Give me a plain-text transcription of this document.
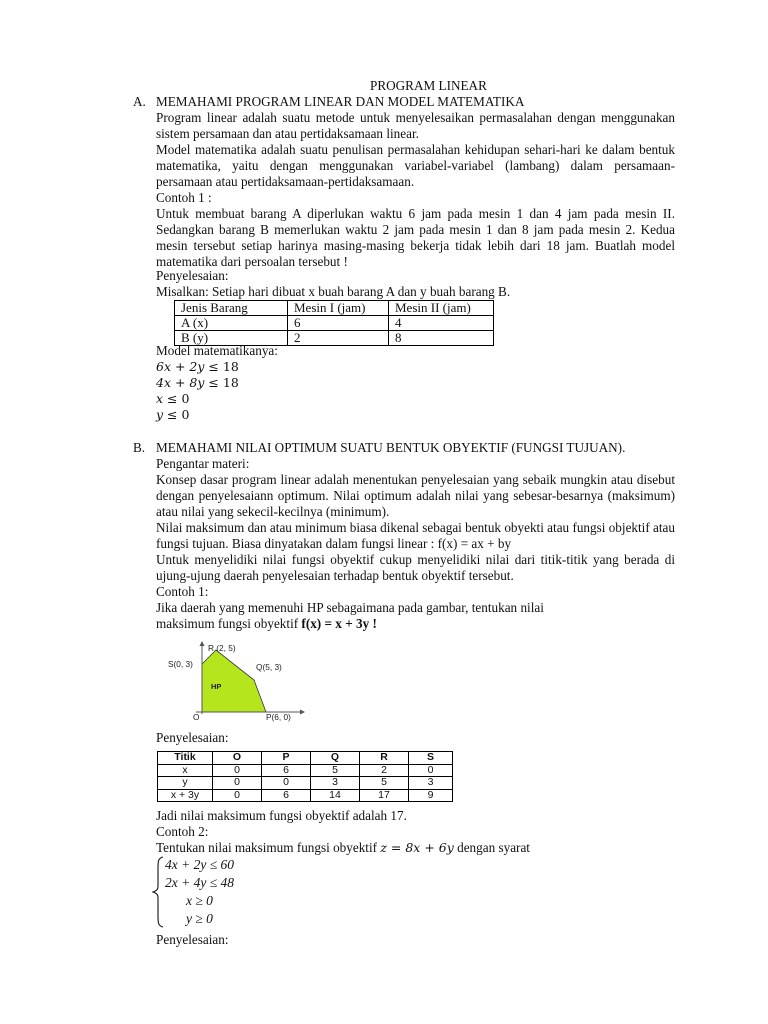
PROGRAM LINEAR
A. MEMAHAMI PROGRAM LINEAR DAN MODEL MATEMATIKA
Program linear adalah suatu metode untuk menyelesaikan permasalahan dengan menggunakan sistem persamaan dan atau pertidaksamaan linear.
Model matematika adalah suatu penulisan permasalahan kehidupan sehari-hari ke dalam bentuk matematika, yaitu dengan menggunakan variabel-variabel (lambang) dalam persamaan-persamaan atau pertidaksamaan-pertidaksamaan.
Contoh 1 :
Untuk membuat barang A diperlukan waktu 6 jam pada mesin 1 dan 4 jam pada mesin II. Sedangkan barang B memerlukan waktu 2 jam pada mesin 1 dan 8 jam pada mesin 2. Kedua mesin tersebut setiap harinya masing-masing bekerja tidak lebih dari 18 jam. Buatlah model matematika dari persoalan tersebut !
Penyelesaian:
Misalkan: Setiap hari dibuat x buah barang A dan y buah barang B.
Jenis Barang	Mesin I (jam)	Mesin II (jam)
A (x)	6	4
B (y)	2	8
Model matematikanya:
6x + 2y ≤ 18
4x + 8y ≤ 18
x ≤ 0
y ≤ 0
B. MEMAHAMI NILAI OPTIMUM SUATU BENTUK OBYEKTIF (FUNGSI TUJUAN).
Pengantar materi:
Konsep dasar program linear adalah menentukan penyelesaian yang sebaik mungkin atau disebut dengan penyelesaiann optimum. Nilai optimum adalah nilai yang sebesar-besarnya (maksimum) atau nilai yang sekecil-kecilnya (minimum).
Nilai maksimum dan atau minimum biasa dikenal sebagai bentuk obyekti atau fungsi objektif atau fungsi tujuan. Biasa dinyatakan dalam fungsi linear : f(x) = ax + by
Untuk menyelidiki nilai fungsi obyektif cukup menyelidiki nilai dari titik-titik yang berada di ujung-ujung daerah penyelesaian terhadap bentuk obyektif tersebut.
Contoh 1:
Jika daerah yang memenuhi HP sebagaimana pada gambar, tentukan nilai
maksimum fungsi obyektif f(x) = x + 3y !
R (2, 5)
S(0, 3)	Q(5, 3)
HP
O	P(6, 0)
Penyelesaian:
Titik	O	P	Q	R	S
x	0	6	5	2	0
y	0	0	3	5	3
x + 3y	0	6	14	17	9
Jadi nilai maksimum fungsi obyektif adalah 17.
Contoh 2:
Tentukan nilai maksimum fungsi obyektif z = 8x + 6y dengan syarat
4x + 2y ≤ 60
2x + 4y ≤ 48
x ≥ 0
y ≥ 0
Penyelesaian:
